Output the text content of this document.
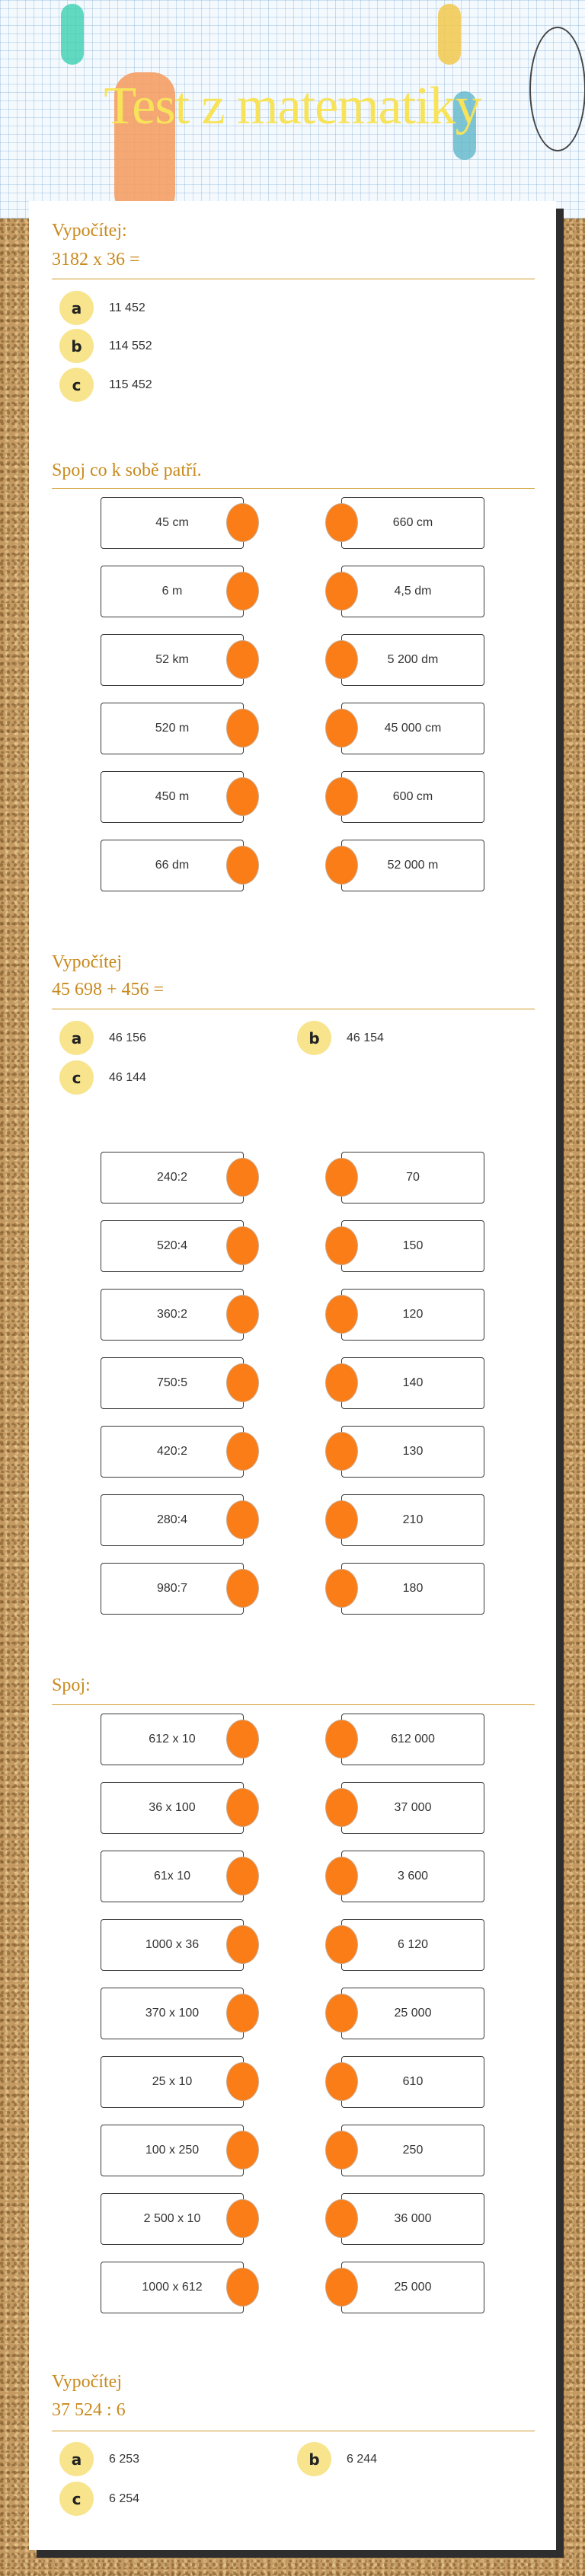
Test z matematiky
Vypočítej:
3182 x 36 =
a	11 452
b	114 552
c	115 452
Spoj co k sobě patří.
45 cm	660 cm
6 m	4,5 dm
52 km	5 200 dm
520 m	45 000 cm
450 m	600 cm
66 dm	52 000 m
Vypočítej
45 698 + 456 =
a	46 156	b	46 154
c	46 144
240:2	70
520:4	150
360:2	120
750:5	140
420:2	130
280:4	210
980:7	180
Spoj:
612 x 10	612 000
36 x 100	37 000
61x 10	3 600
1000 x 36	6 120
370 x 100	25 000
25 x 10	610
100 x 250	250
2 500 x 10	36 000
1000 x 612	25 000
Vypočítej
37 524 : 6
a	6 253	b	6 244
c	6 254
